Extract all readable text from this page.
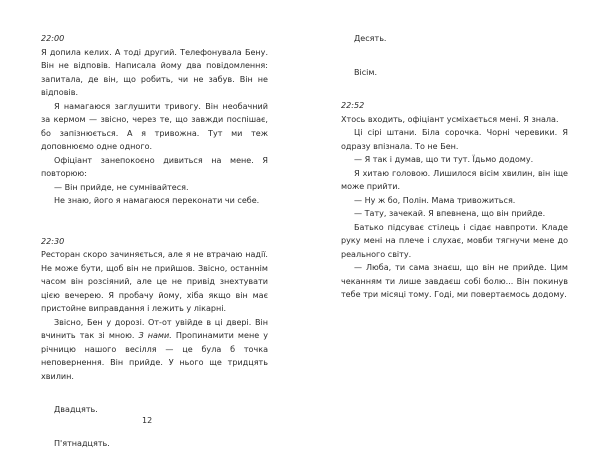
22:00

Я допила келих. А тоді другий. Телефонувала Бену. Він не відповів. Написала йому два повідомлення: запитала, де він, що робить, чи не забув. Він не відповів.

Я намагаюся заглушити тривогу. Він необачний за кермом — звісно, через те, що завжди поспішає, бо запізнюється. А я тривожна. Тут ми теж доповнюємо одне одного.

Офіціант занепокоєно дивиться на мене. Я повторюю:

— Він прийде, не сумнівайтеся.

Не знаю, його я намагаюся переконати чи себе.

22:30

Ресторан скоро зачиняється, але я не втрачаю надії. Не може бути, щоб він не прийшов. Звісно, останнім часом він розсіяний, але це не привід знехтувати цією вечерею. Я пробачу йому, хіба якщо він має пристойне виправдання і лежить у лікарні.

Звісно, Бен у дорозі. От-от увійде в ці двері. Він вчинить так зі мною. З нами. Пропинамити мене у річницю нашого весілля — це була б точка неповернення. Він прийде. У нього ще тридцять хвилин.

Двадцять.

П'ятнадцять.

Десять.

Вісім.

22:52

Хтось входить, офіціант усміхається мені. Я знала.

Ці сірі штани. Біла сорочка. Чорні черевики. Я одразу впізнала. То не Бен.

— Я так і думав, що ти тут. Їдьмо додому.

Я хитаю головою. Лишилося вісім хвилин, він іще може прийти.

— Ну ж бо, Полін. Мама тривожиться.

— Тату, зачекай. Я впевнена, що він прийде.

Батько підсуває стілець і сідає навпроти. Кладе руку мені на плече і слухає, мовби тягнучи мене до реального світу.

— Люба, ти сама знаєш, що він не прийде. Цим чеканням ти лише завдаєш собі болю... Він покинув тебе три місяці тому. Годі, ми повертаємось додому.

12
